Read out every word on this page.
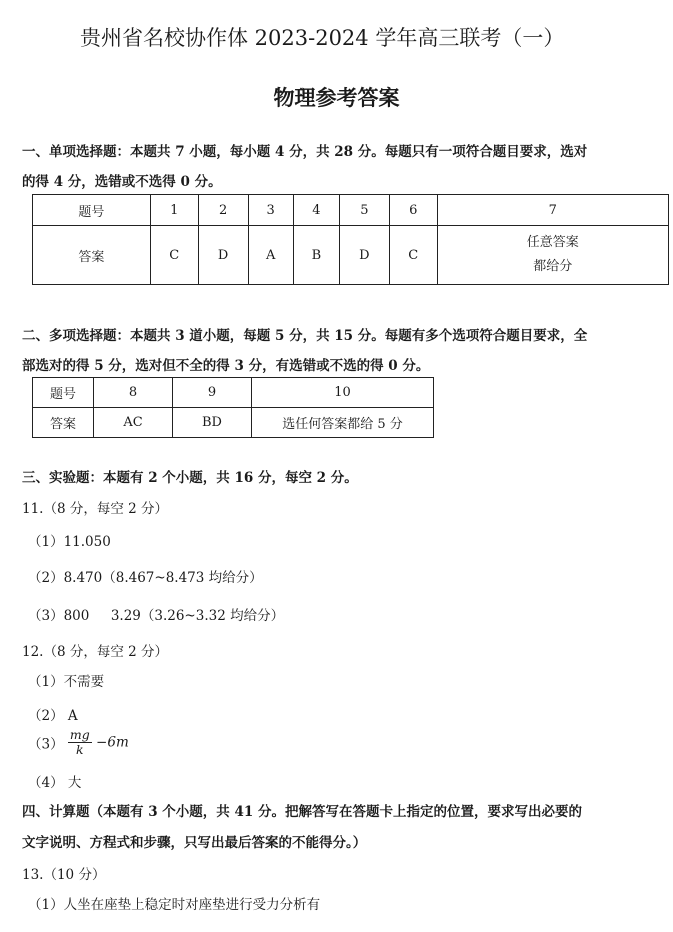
贵州省名校协作体 2023-2024 学年高三联考（一）
物理参考答案
一、单项选择题：本题共 7 小题，每小题 4 分，共 28 分。每题只有一项符合题目要求，选对
的得 4 分，选错或不选得 0 分。
题号	1	2	3	4	5	6	7
答案	C	D	A	B	D	C	任意答案
都给分
二、多项选择题：本题共 3 道小题，每题 5 分，共 15 分。每题有多个选项符合题目要求，全
部选对的得 5 分，选对但不全的得 3 分，有选错或不选的得 0 分。
题号	8	9	10
答案	AC	BD	选任何答案都给 5 分
三、实验题：本题有 2 个小题，共 16 分，每空 2 分。
11.（8 分，每空 2 分）
（1）11.050
（2）8.470（8.467~8.473 均给分）
（3）800     3.29（3.26~3.32 均给分）
12.（8 分，每空 2 分）
（1）不需要
（2） A
$(3) \frac{mg}{k} -6m$
（4） 大
四、计算题（本题有 3 个小题，共 41 分。把解答写在答题卡上指定的位置，要求写出必要的
文字说明、方程式和步骤，只写出最后答案的不能得分。）
13.（10 分）
（1）人坐在座垫上稳定时对座垫进行受力分析有
